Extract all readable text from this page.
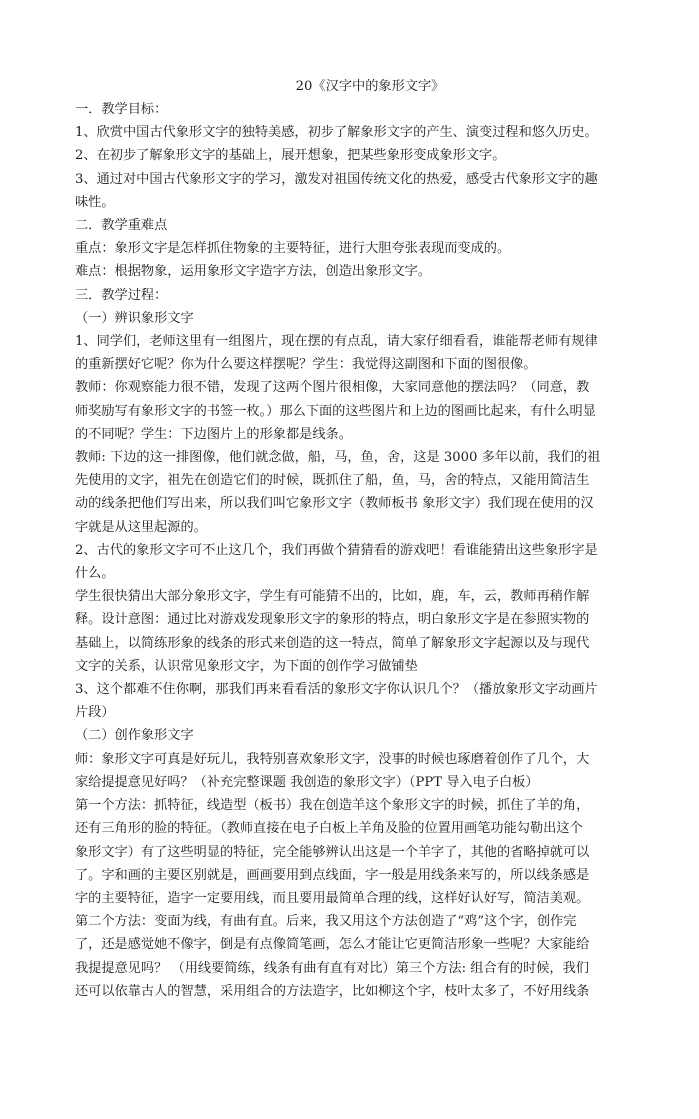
20《汉字中的象形文字》

一．教学目标：

1、欣赏中国古代象形文字的独特美感，初步了解象形文字的产生、演变过程和悠久历史。

2、在初步了解象形文字的基础上，展开想象，把某些象形变成象形文字。

3、通过对中国古代象形文字的学习，激发对祖国传统文化的热爱，感受古代象形文字的趣

味性。

二．教学重难点

重点：象形文字是怎样抓住物象的主要特征，进行大胆夸张表现而变成的。

难点：根据物象，运用象形文字造字方法，创造出象形文字。

三．教学过程：

（一）辨识象形文字

1、同学们，老师这里有一组图片，现在摆的有点乱，请大家仔细看看，谁能帮老师有规律

的重新摆好它呢？你为什么要这样摆呢？学生：我觉得这副图和下面的图很像。

教师：你观察能力很不错，发现了这两个图片很相像，大家同意他的摆法吗？（同意，教

师奖励写有象形文字的书签一枚。）那么下面的这些图片和上边的图画比起来，有什么明显

的不同呢？学生：下边图片上的形象都是线条。

教师: 下边的这一排图像，他们就念做，船，马，鱼，舍，这是 3000 多年以前，我们的祖

先使用的文字，祖先在创造它们的时候，既抓住了船，鱼，马，舍的特点，又能用简洁生

动的线条把他们写出来，所以我们叫它象形文字（教师板书 象形文字）我们现在使用的汉

字就是从这里起源的。

2、古代的象形文字可不止这几个，我们再做个猜猜看的游戏吧！看谁能猜出这些象形字是

什么。

学生很快猜出大部分象形文字，学生有可能猜不出的，比如，鹿，车，云，教师再稍作解

释。设计意图：通过比对游戏发现象形文字的象形的特点，明白象形文字是在参照实物的

基础上，以简练形象的线条的形式来创造的这一特点，简单了解象形文字起源以及与现代

文字的关系，认识常见象形文字，为下面的创作学习做铺垫

3、这个都难不住你啊，那我们再来看看活的象形文字你认识几个？（播放象形文字动画片

片段）

（二）创作象形文字

师：象形文字可真是好玩儿，我特别喜欢象形文字，没事的时候也琢磨着创作了几个，大

家给提提意见好吗？（补充完整课题 我创造的象形文字）（PPT 导入电子白板）

第一个方法：抓特征，线造型（板书）我在创造羊这个象形文字的时候，抓住了羊的角，

还有三角形的脸的特征。（教师直接在电子白板上羊角及脸的位置用画笔功能勾勒出这个

象形文字）有了这些明显的特征，完全能够辨认出这是一个羊字了，其他的省略掉就可以

了。字和画的主要区别就是，画画要用到点线面，字一般是用线条来写的，所以线条感是

字的主要特征，造字一定要用线，而且要用最简单合理的线，这样好认好写，简洁美观。

第二个方法：变面为线，有曲有直。后来，我又用这个方法创造了“鸡”这个字，创作完

了，还是感觉她不像字，倒是有点像简笔画，怎么才能让它更简洁形象一些呢？大家能给

我提提意见吗？ （用线要简练，线条有曲有直有对比）第三个方法: 组合有的时候，我们

还可以依靠古人的智慧，采用组合的方法造字，比如柳这个字，枝叶太多了，不好用线条
